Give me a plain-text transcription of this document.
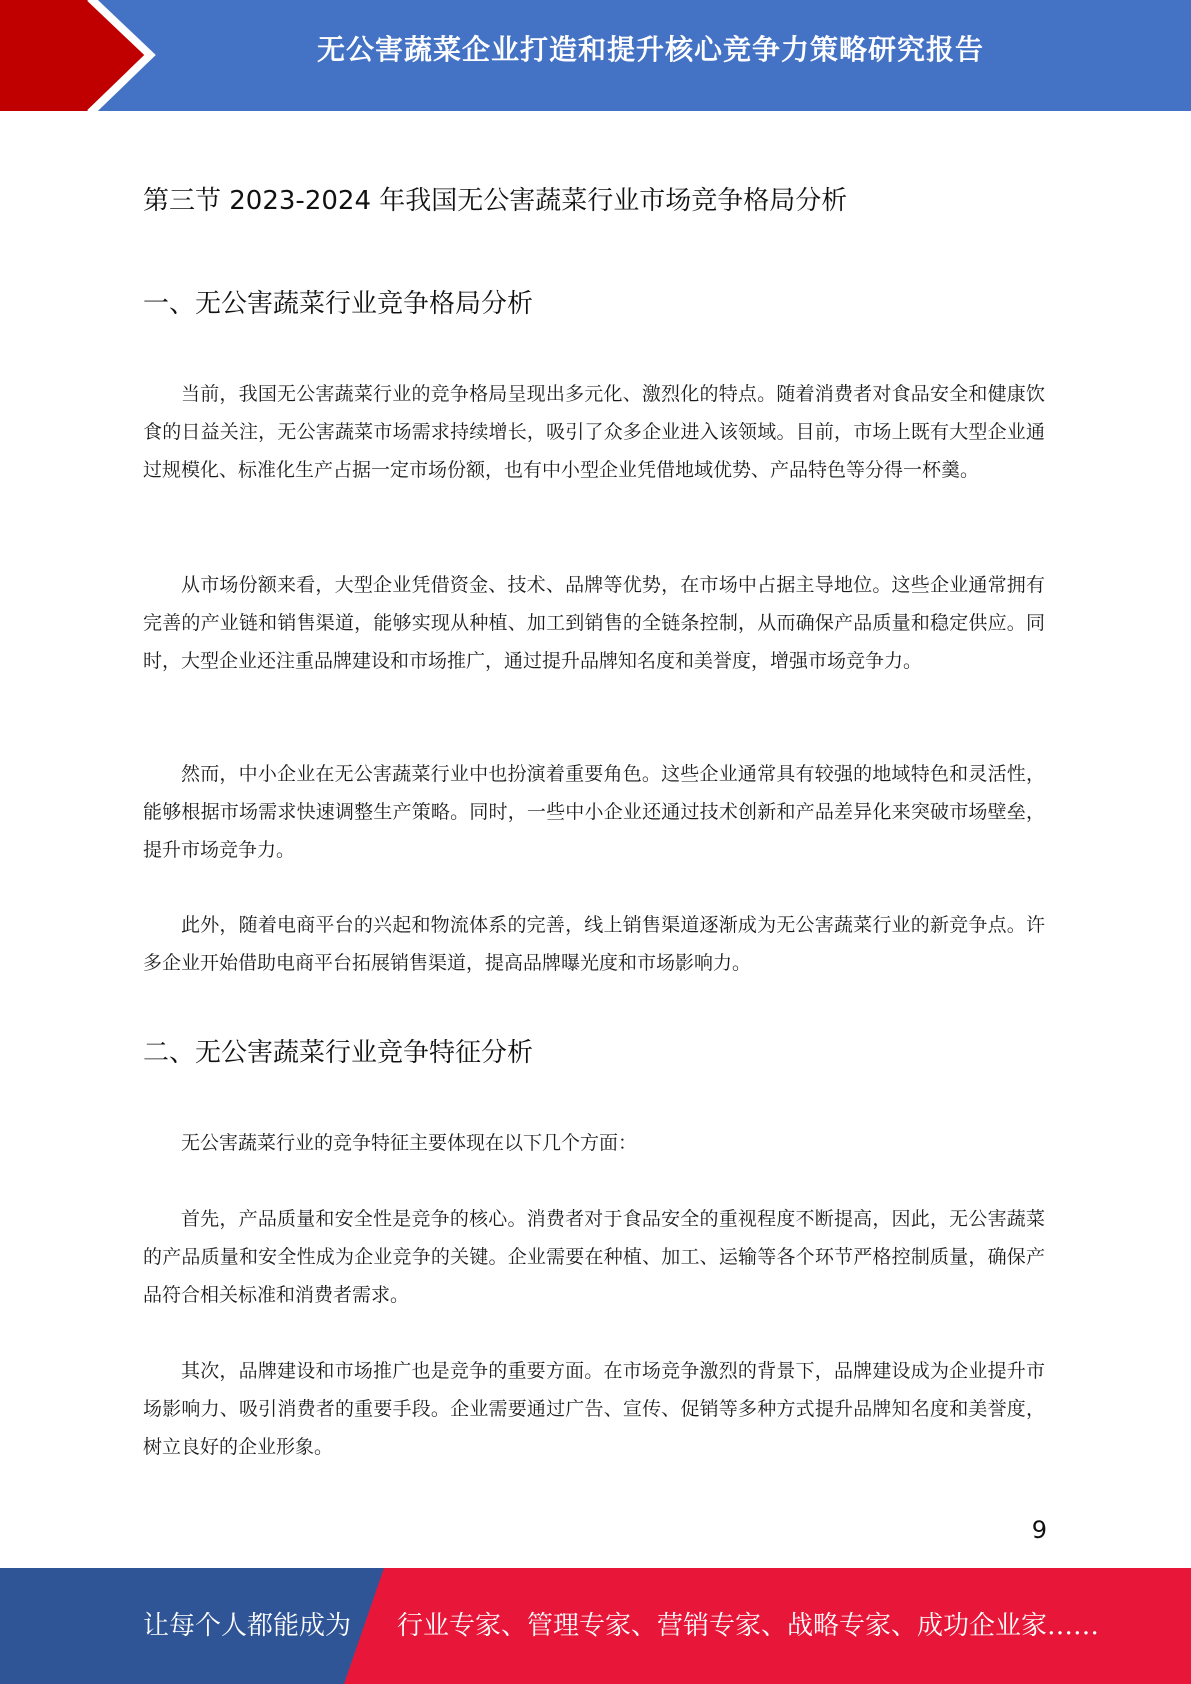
无公害蔬菜企业打造和提升核心竞争力策略研究报告
第三节 2023-2024 年我国无公害蔬菜行业市场竞争格局分析
一、无公害蔬菜行业竞争格局分析

当前，我国无公害蔬菜行业的竞争格局呈现出多元化、激烈化的特点。随着消费者对食品安全和健康饮食的日益关注，无公害蔬菜市场需求持续增长，吸引了众多企业进入该领域。目前，市场上既有大型企业通过规模化、标准化生产占据一定市场份额，也有中小型企业凭借地域优势、产品特色等分得一杯羹。

从市场份额来看，大型企业凭借资金、技术、品牌等优势，在市场中占据主导地位。这些企业通常拥有完善的产业链和销售渠道，能够实现从种植、加工到销售的全链条控制，从而确保产品质量和稳定供应。同时，大型企业还注重品牌建设和市场推广，通过提升品牌知名度和美誉度，增强市场竞争力。

然而，中小企业在无公害蔬菜行业中也扮演着重要角色。这些企业通常具有较强的地域特色和灵活性，能够根据市场需求快速调整生产策略。同时，一些中小企业还通过技术创新和产品差异化来突破市场壁垒，提升市场竞争力。

此外，随着电商平台的兴起和物流体系的完善，线上销售渠道逐渐成为无公害蔬菜行业的新竞争点。许多企业开始借助电商平台拓展销售渠道，提高品牌曝光度和市场影响力。

二、无公害蔬菜行业竞争特征分析

无公害蔬菜行业的竞争特征主要体现在以下几个方面：

首先，产品质量和安全性是竞争的核心。消费者对于食品安全的重视程度不断提高，因此，无公害蔬菜的产品质量和安全性成为企业竞争的关键。企业需要在种植、加工、运输等各个环节严格控制质量，确保产品符合相关标准和消费者需求。

其次，品牌建设和市场推广也是竞争的重要方面。在市场竞争激烈的背景下，品牌建设成为企业提升市场影响力、吸引消费者的重要手段。企业需要通过广告、宣传、促销等多种方式提升品牌知名度和美誉度，树立良好的企业形象。

9
让每个人都能成为 行业专家、管理专家、营销专家、战略专家、成功企业家……
